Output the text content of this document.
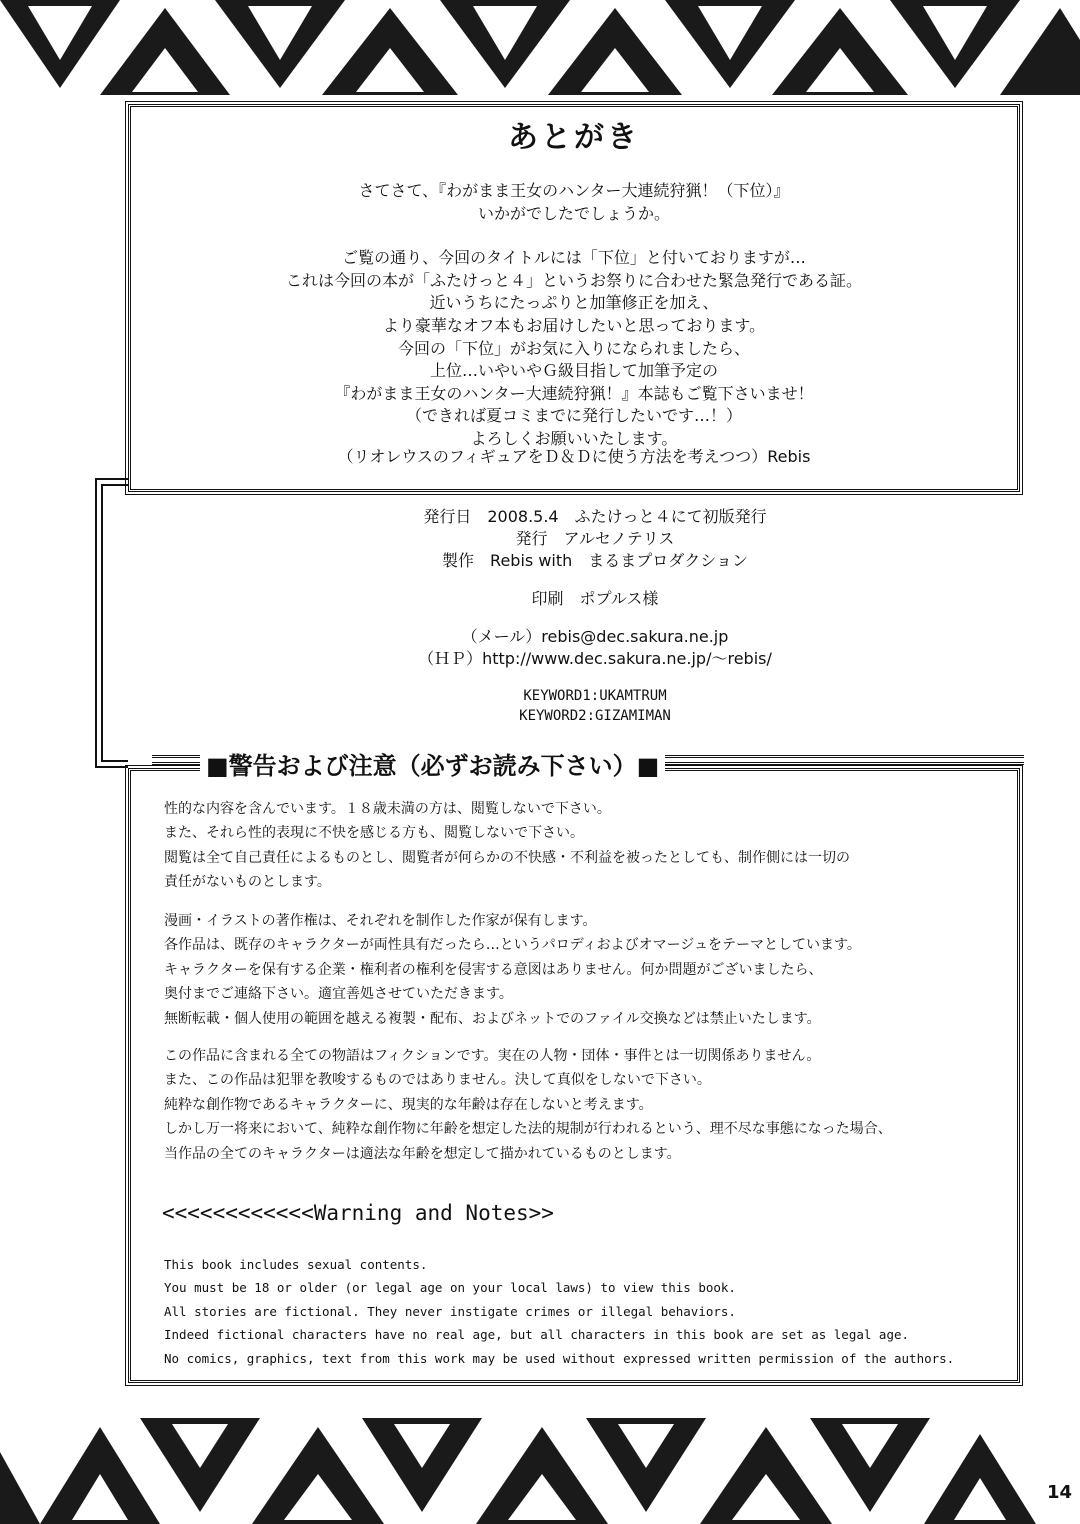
あとがき
さてさて、『わがまま王女のハンター大連続狩猟！（下位）』
いかがでしたでしょうか。
ご覧の通り、今回のタイトルには「下位」と付いておりますが…
これは今回の本が「ふたけっと４」というお祭りに合わせた緊急発行である証。
近いうちにたっぷりと加筆修正を加え、
より豪華なオフ本もお届けしたいと思っております。
今回の「下位」がお気に入りになられましたら、
上位…いやいやＧ級目指して加筆予定の
『わがまま王女のハンター大連続狩猟！』本誌もご覧下さいませ！
（できれば夏コミまでに発行したいです…！）
よろしくお願いいたします。
（リオレウスのフィギュアをＤ＆Ｄに使う方法を考えつつ）Rebis
発行日　2008.5.4　ふたけっと４にて初版発行
発行　アルセノテリス
製作　Rebis with　まるまプロダクション
印刷　ポプルス様
（メール）rebis@dec.sakura.ne.jp
（ＨＰ）http://www.dec.sakura.ne.jp/～rebis/
KEYWORD1:UKAMTRUM
KEYWORD2:GIZAMIMAN
■警告および注意（必ずお読み下さい）■
性的な内容を含んでいます。１８歳未満の方は、閲覧しないで下さい。
また、それら性的表現に不快を感じる方も、閲覧しないで下さい。
閲覧は全て自己責任によるものとし、閲覧者が何らかの不快感・不利益を被ったとしても、制作側には一切の
責任がないものとします。
漫画・イラストの著作権は、それぞれを制作した作家が保有します。
各作品は、既存のキャラクターが両性具有だったら…というパロディおよびオマージュをテーマとしています。
キャラクターを保有する企業・権利者の権利を侵害する意図はありません。何か問題がございましたら、
奥付までご連絡下さい。適宜善処させていただきます。
無断転載・個人使用の範囲を越える複製・配布、およびネットでのファイル交換などは禁止いたします。
この作品に含まれる全ての物語はフィクションです。実在の人物・団体・事件とは一切関係ありません。
また、この作品は犯罪を教唆するものではありません。決して真似をしないで下さい。
純粋な創作物であるキャラクターに、現実的な年齢は存在しないと考えます。
しかし万一将来において、純粋な創作物に年齢を想定した法的規制が行われるという、理不尽な事態になった場合、
当作品の全てのキャラクターは適法な年齢を想定して描かれているものとします。
<<<<<<<<<<<<Warning and Notes>>
This book includes sexual contents.
You must be 18 or older (or legal age on your local laws) to view this book.
All stories are fictional. They never instigate crimes or illegal behaviors.
Indeed fictional characters have no real age, but all characters in this book are set as legal age.
No comics, graphics, text from this work may be used without expressed written permission of the authors.
14
